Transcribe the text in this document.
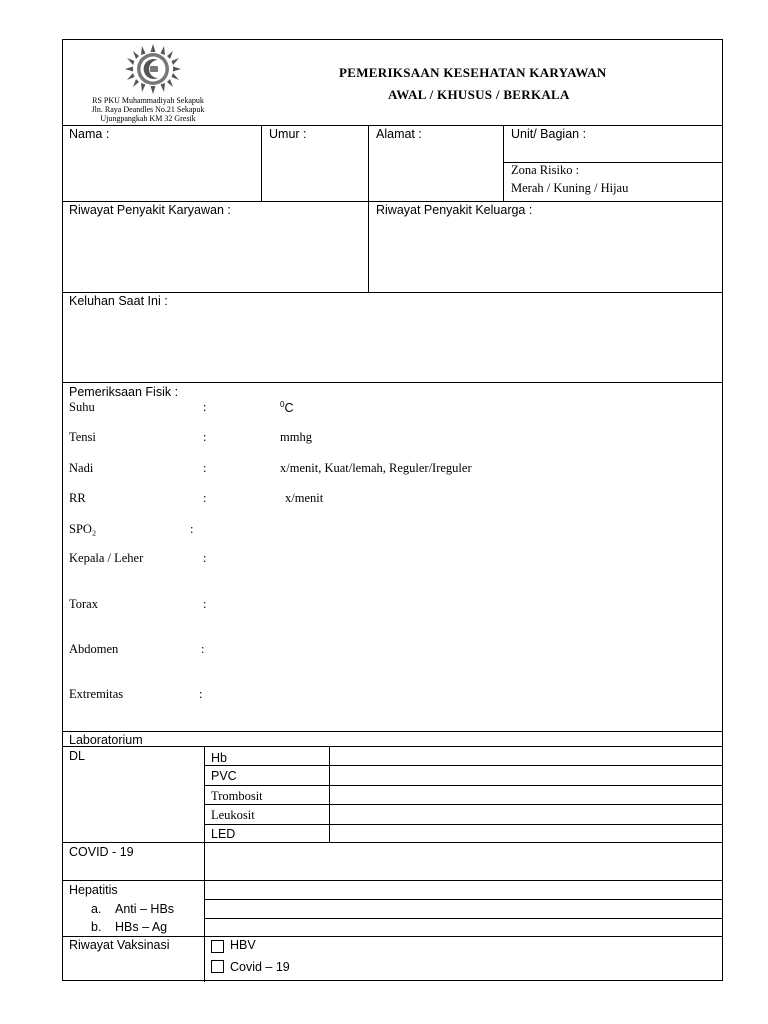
RS PKU Muhammadiyah Sekapuk
Jln. Raya Deandles No.21 Sekapuk
Ujungpangkah KM 32 Gresik
PEMERIKSAAN KESEHATAN KARYAWAN
AWAL / KHUSUS / BERKALA
Nama :	Umur :	Alamat :	Unit/ Bagian :
Zona Risiko :
Merah / Kuning / Hijau
Riwayat Penyakit Karyawan :	Riwayat Penyakit Keluarga :
Keluhan Saat Ini :
Pemeriksaan Fisik :
Suhu	:	$^0$C
Tensi	:	mmhg
Nadi	:	x/menit, Kuat/lemah, Reguler/Ireguler
RR	:	x/menit
SPO₂	:
Kepala / Leher	:
Torax	:
Abdomen	:
Extremitas	:
Laboratorium
DL	Hb
PVC
Trombosit
Leukosit
LED
COVID - 19
Hepatitis
a. Anti – HBs
b. HBs – Ag
Riwayat Vaksinasi	HBV
Covid – 19
